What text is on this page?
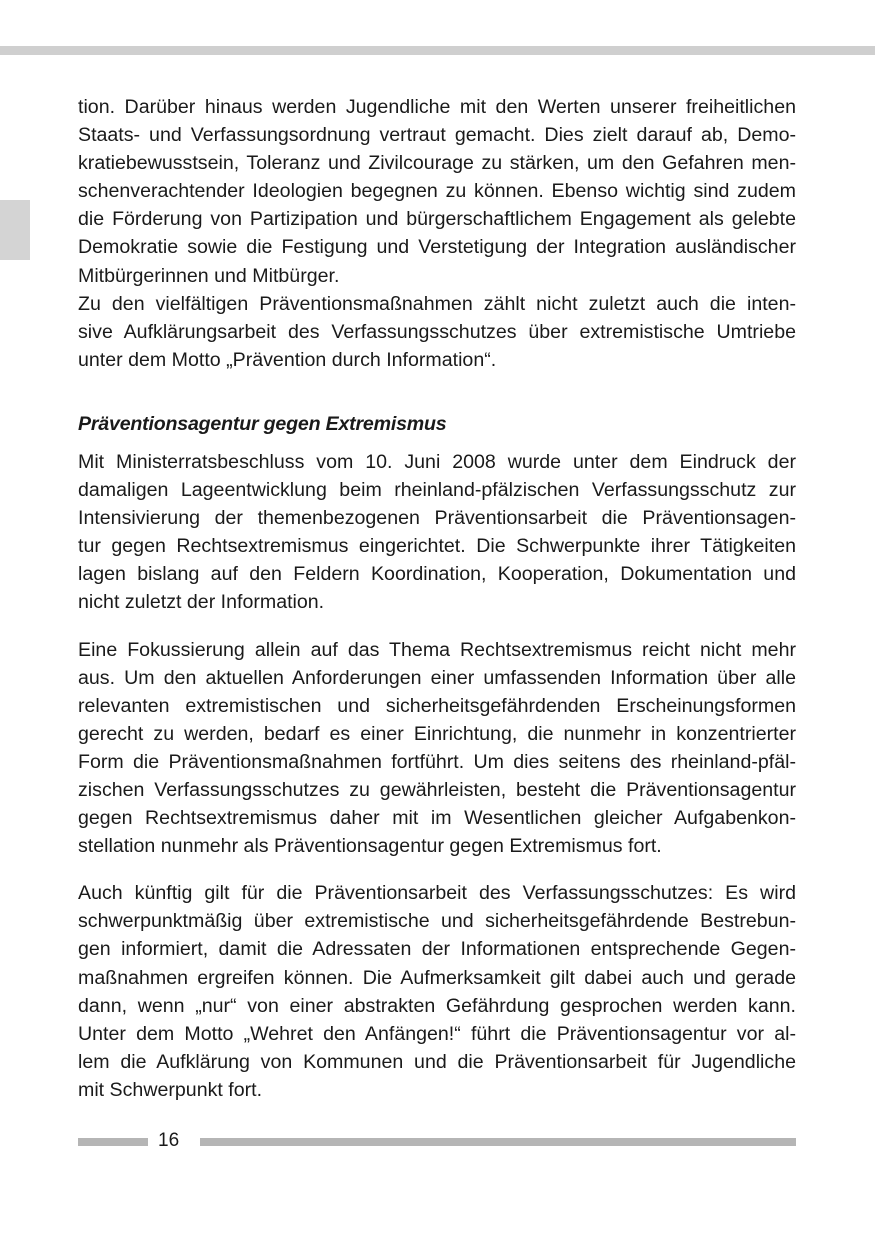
tion. Darüber hinaus werden Jugendliche mit den Werten unserer freiheitlichen
Staats- und Verfassungsordnung vertraut gemacht. Dies zielt darauf ab, Demo-
kratiebewusstsein, Toleranz und Zivilcourage zu stärken, um den Gefahren men-
schenverachtender Ideologien begegnen zu können. Ebenso wichtig sind zudem
die Förderung von Partizipation und bürgerschaftlichem Engagement als gelebte
Demokratie sowie die Festigung und Verstetigung der Integration ausländischer
Mitbürgerinnen und Mitbürger.
Zu den vielfältigen Präventionsmaßnahmen zählt nicht zuletzt auch die inten-
sive Aufklärungsarbeit des Verfassungsschutzes über extremistische Umtriebe
unter dem Motto „Prävention durch Information“.
Präventionsagentur gegen Extremismus
Mit Ministerratsbeschluss vom 10. Juni 2008 wurde unter dem Eindruck der
damaligen Lageentwicklung beim rheinland-pfälzischen Verfassungsschutz zur
Intensivierung der themenbezogenen Präventionsarbeit die Präventionsagen-
tur gegen Rechtsextremismus eingerichtet. Die Schwerpunkte ihrer Tätigkeiten
lagen bislang auf den Feldern Koordination, Kooperation, Dokumentation und
nicht zuletzt der Information.
Eine Fokussierung allein auf das Thema Rechtsextremismus reicht nicht mehr
aus. Um den aktuellen Anforderungen einer umfassenden Information über alle
relevanten extremistischen und sicherheitsgefährdenden Erscheinungsformen
gerecht zu werden, bedarf es einer Einrichtung, die nunmehr in konzentrierter
Form die Präventionsmaßnahmen fortführt. Um dies seitens des rheinland-pfäl-
zischen Verfassungsschutzes zu gewährleisten, besteht die Präventionsagentur
gegen Rechtsextremismus daher mit im Wesentlichen gleicher Aufgabenkon-
stellation nunmehr als Präventionsagentur gegen Extremismus fort.
Auch künftig gilt für die Präventionsarbeit des Verfassungsschutzes: Es wird
schwerpunktmäßig über extremistische und sicherheitsgefährdende Bestrebun-
gen informiert, damit die Adressaten der Informationen entsprechende Gegen-
maßnahmen ergreifen können. Die Aufmerksamkeit gilt dabei auch und gerade
dann, wenn „nur“ von einer abstrakten Gefährdung gesprochen werden kann.
Unter dem Motto „Wehret den Anfängen!“ führt die Präventionsagentur vor al-
lem die Aufklärung von Kommunen und die Präventionsarbeit für Jugendliche
mit Schwerpunkt fort.
16
